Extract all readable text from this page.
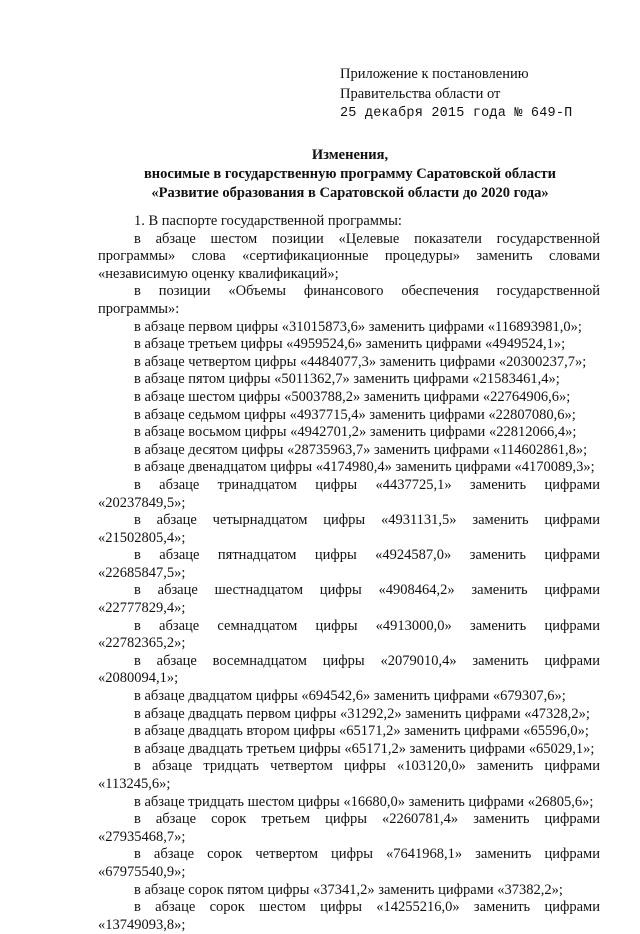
Приложение к постановлению
Правительства области от
25 декабря 2015 года № 649-П
Изменения,
вносимые в государственную программу Саратовской области
«Развитие образования в Саратовской области до 2020 года»

1. В паспорте государственной программы:

в абзаце шестом позиции «Целевые показатели государственной программы» слова «сертификационные процедуры» заменить словами «независимую оценку квалификаций»;

в позиции «Объемы финансового обеспечения государственной программы»:

в абзаце первом цифры «31015873,6» заменить цифрами «116893981,0»;

в абзаце третьем цифры «4959524,6» заменить цифрами «4949524,1»;

в абзаце четвертом цифры «4484077,3» заменить цифрами «20300237,7»;

в абзаце пятом цифры «5011362,7» заменить цифрами «21583461,4»;

в абзаце шестом цифры «5003788,2» заменить цифрами «22764906,6»;

в абзаце седьмом цифры «4937715,4» заменить цифрами «22807080,6»;

в абзаце восьмом цифры «4942701,2» заменить цифрами «22812066,4»;

в абзаце десятом цифры «28735963,7» заменить цифрами «114602861,8»;

в абзаце двенадцатом цифры «4174980,4» заменить цифрами «4170089,3»;

в абзаце тринадцатом цифры «4437725,1» заменить цифрами «20237849,5»;

в абзаце четырнадцатом цифры «4931131,5» заменить цифрами «21502805,4»;

в абзаце пятнадцатом цифры «4924587,0» заменить цифрами «22685847,5»;

в абзаце шестнадцатом цифры «4908464,2» заменить цифрами «22777829,4»;

в абзаце семнадцатом цифры «4913000,0» заменить цифрами «22782365,2»;

в абзаце восемнадцатом цифры «2079010,4» заменить цифрами «2080094,1»;

в абзаце двадцатом цифры «694542,6» заменить цифрами «679307,6»;

в абзаце двадцать первом цифры «31292,2» заменить цифрами «47328,2»;

в абзаце двадцать втором цифры «65171,2» заменить цифрами «65596,0»;

в абзаце двадцать третьем цифры «65171,2» заменить цифрами «65029,1»;

в абзаце тридцать четвертом цифры «103120,0» заменить цифрами «113245,6»;

в абзаце тридцать шестом цифры «16680,0» заменить цифрами «26805,6»;

в абзаце сорок третьем цифры «2260781,4» заменить цифрами «27935468,7»;

в абзаце сорок четвертом цифры «7641968,1» заменить цифрами «67975540,9»;

в абзаце сорок пятом цифры «37341,2» заменить цифрами «37382,2»;

в абзаце сорок шестом цифры «14255216,0» заменить цифрами «13749093,8»;
